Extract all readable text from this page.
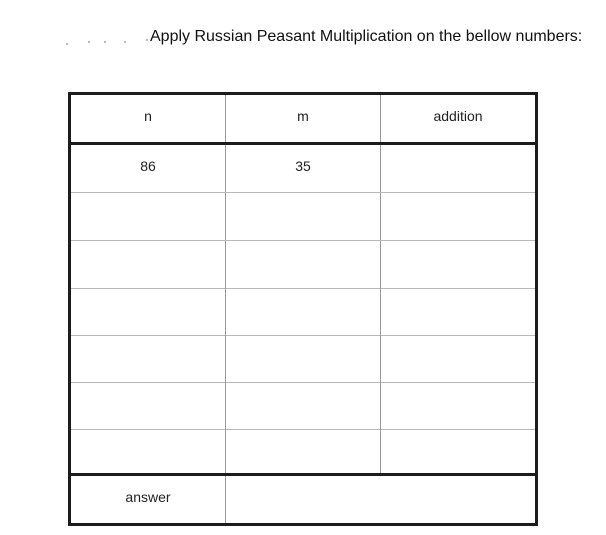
Apply Russian Peasant Multiplication on the bellow numbers:
n	m	addition
86	35
answer
